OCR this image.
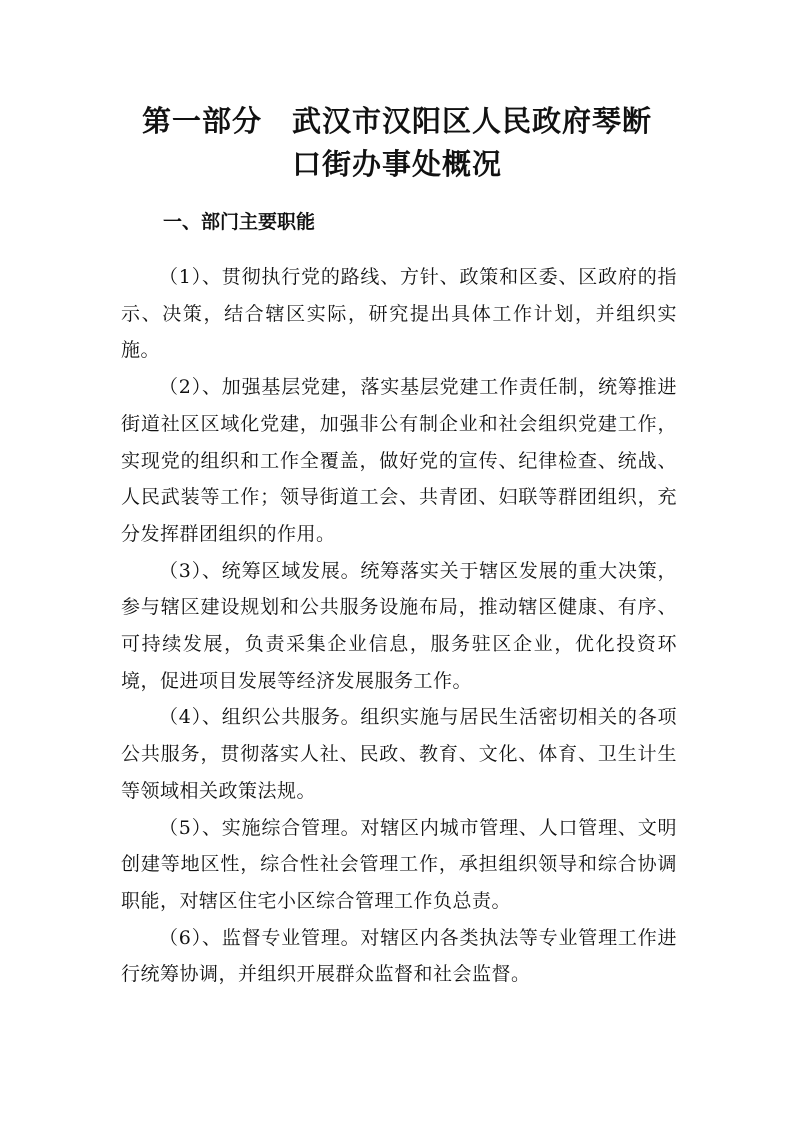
第一部分　武汉市汉阳区人民政府琴断
口街办事处概况
一、部门主要职能

（1）、贯彻执行党的路线、方针、政策和区委、区政府的指示、决策，结合辖区实际，研究提出具体工作计划，并组织实施。

（2）、加强基层党建，落实基层党建工作责任制，统筹推进街道社区区域化党建，加强非公有制企业和社会组织党建工作，实现党的组织和工作全覆盖，做好党的宣传、纪律检查、统战、人民武装等工作；领导街道工会、共青团、妇联等群团组织，充分发挥群团组织的作用。

（3）、统筹区域发展。统筹落实关于辖区发展的重大决策，参与辖区建设规划和公共服务设施布局，推动辖区健康、有序、可持续发展，负责采集企业信息，服务驻区企业，优化投资环境，促进项目发展等经济发展服务工作。

（4）、组织公共服务。组织实施与居民生活密切相关的各项公共服务，贯彻落实人社、民政、教育、文化、体育、卫生计生等领域相关政策法规。

（5）、实施综合管理。对辖区内城市管理、人口管理、文明创建等地区性，综合性社会管理工作，承担组织领导和综合协调职能，对辖区住宅小区综合管理工作负总责。

（6）、监督专业管理。对辖区内各类执法等专业管理工作进行统筹协调，并组织开展群众监督和社会监督。
